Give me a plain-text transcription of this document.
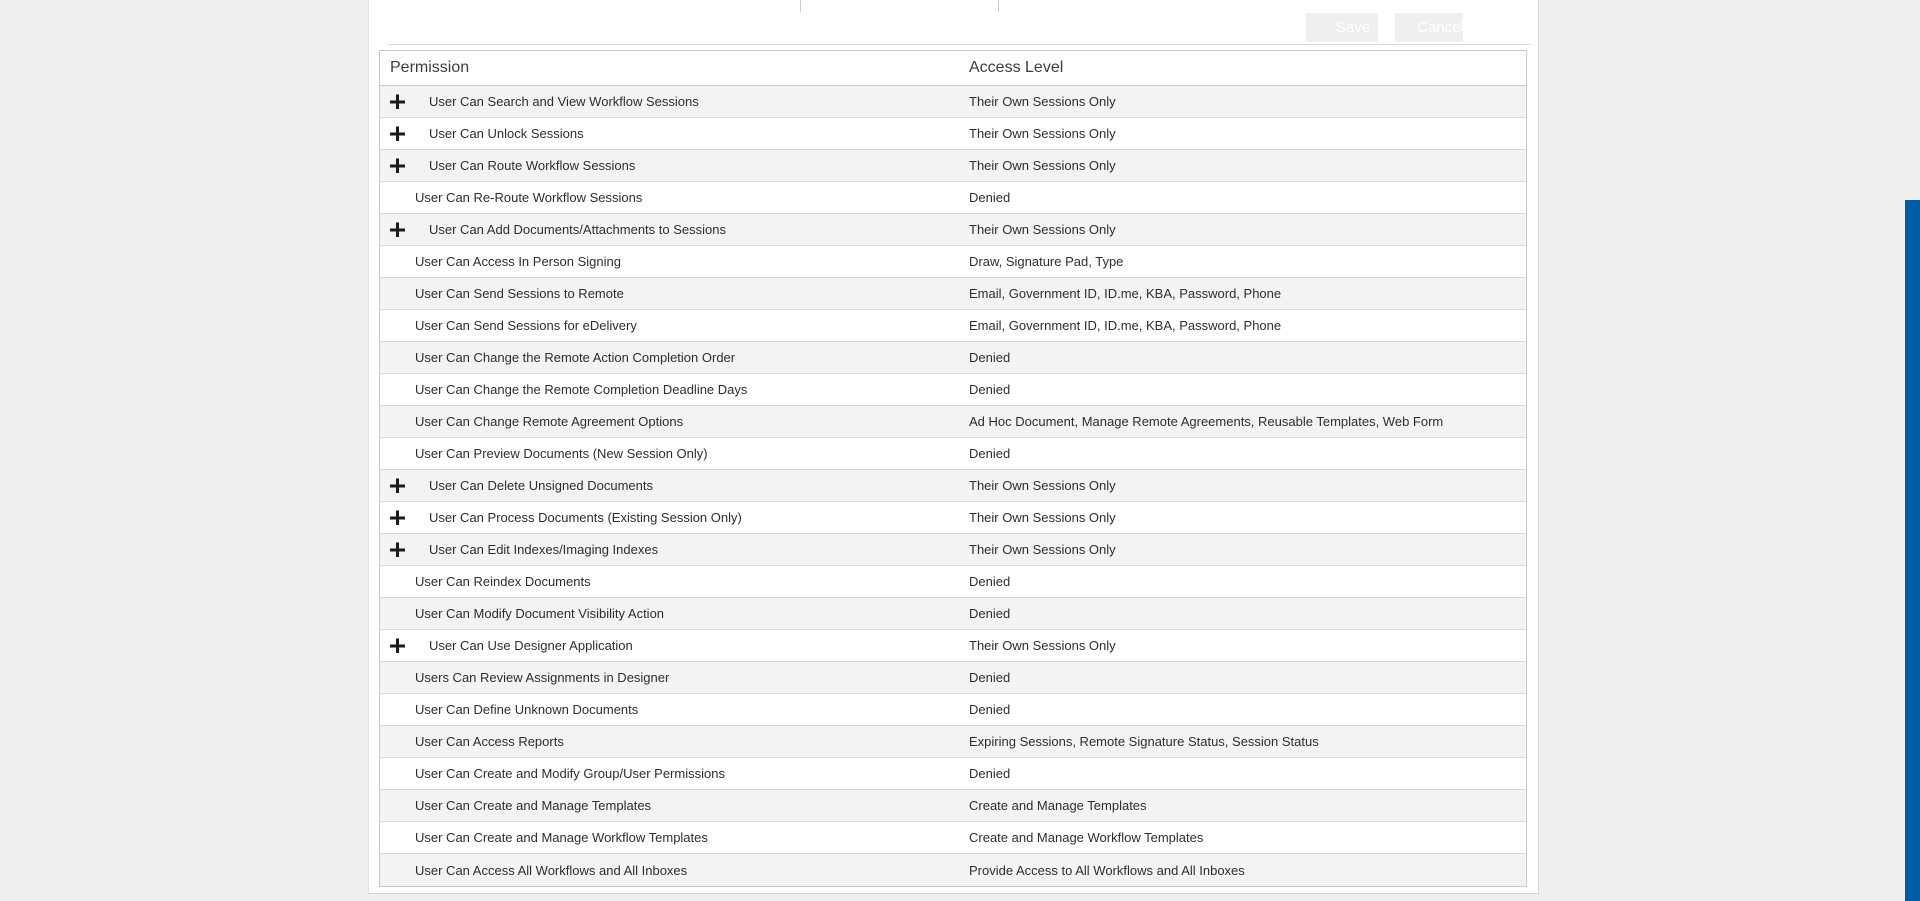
Save	Cancel
Permission	Access Level
User Can Search and View Workflow Sessions	Their Own Sessions Only
User Can Unlock Sessions	Their Own Sessions Only
User Can Route Workflow Sessions	Their Own Sessions Only
User Can Re-Route Workflow Sessions	Denied
User Can Add Documents/Attachments to Sessions	Their Own Sessions Only
User Can Access In Person Signing	Draw, Signature Pad, Type
User Can Send Sessions to Remote	Email, Government ID, ID.me, KBA, Password, Phone
User Can Send Sessions for eDelivery	Email, Government ID, ID.me, KBA, Password, Phone
User Can Change the Remote Action Completion Order	Denied
User Can Change the Remote Completion Deadline Days	Denied
User Can Change Remote Agreement Options	Ad Hoc Document, Manage Remote Agreements, Reusable Templates, Web Form
User Can Preview Documents (New Session Only)	Denied
User Can Delete Unsigned Documents	Their Own Sessions Only
User Can Process Documents (Existing Session Only)	Their Own Sessions Only
User Can Edit Indexes/Imaging Indexes	Their Own Sessions Only
User Can Reindex Documents	Denied
User Can Modify Document Visibility Action	Denied
User Can Use Designer Application	Their Own Sessions Only
Users Can Review Assignments in Designer	Denied
User Can Define Unknown Documents	Denied
User Can Access Reports	Expiring Sessions, Remote Signature Status, Session Status
User Can Create and Modify Group/User Permissions	Denied
User Can Create and Manage Templates	Create and Manage Templates
User Can Create and Manage Workflow Templates	Create and Manage Workflow Templates
User Can Access All Workflows and All Inboxes	Provide Access to All Workflows and All Inboxes
